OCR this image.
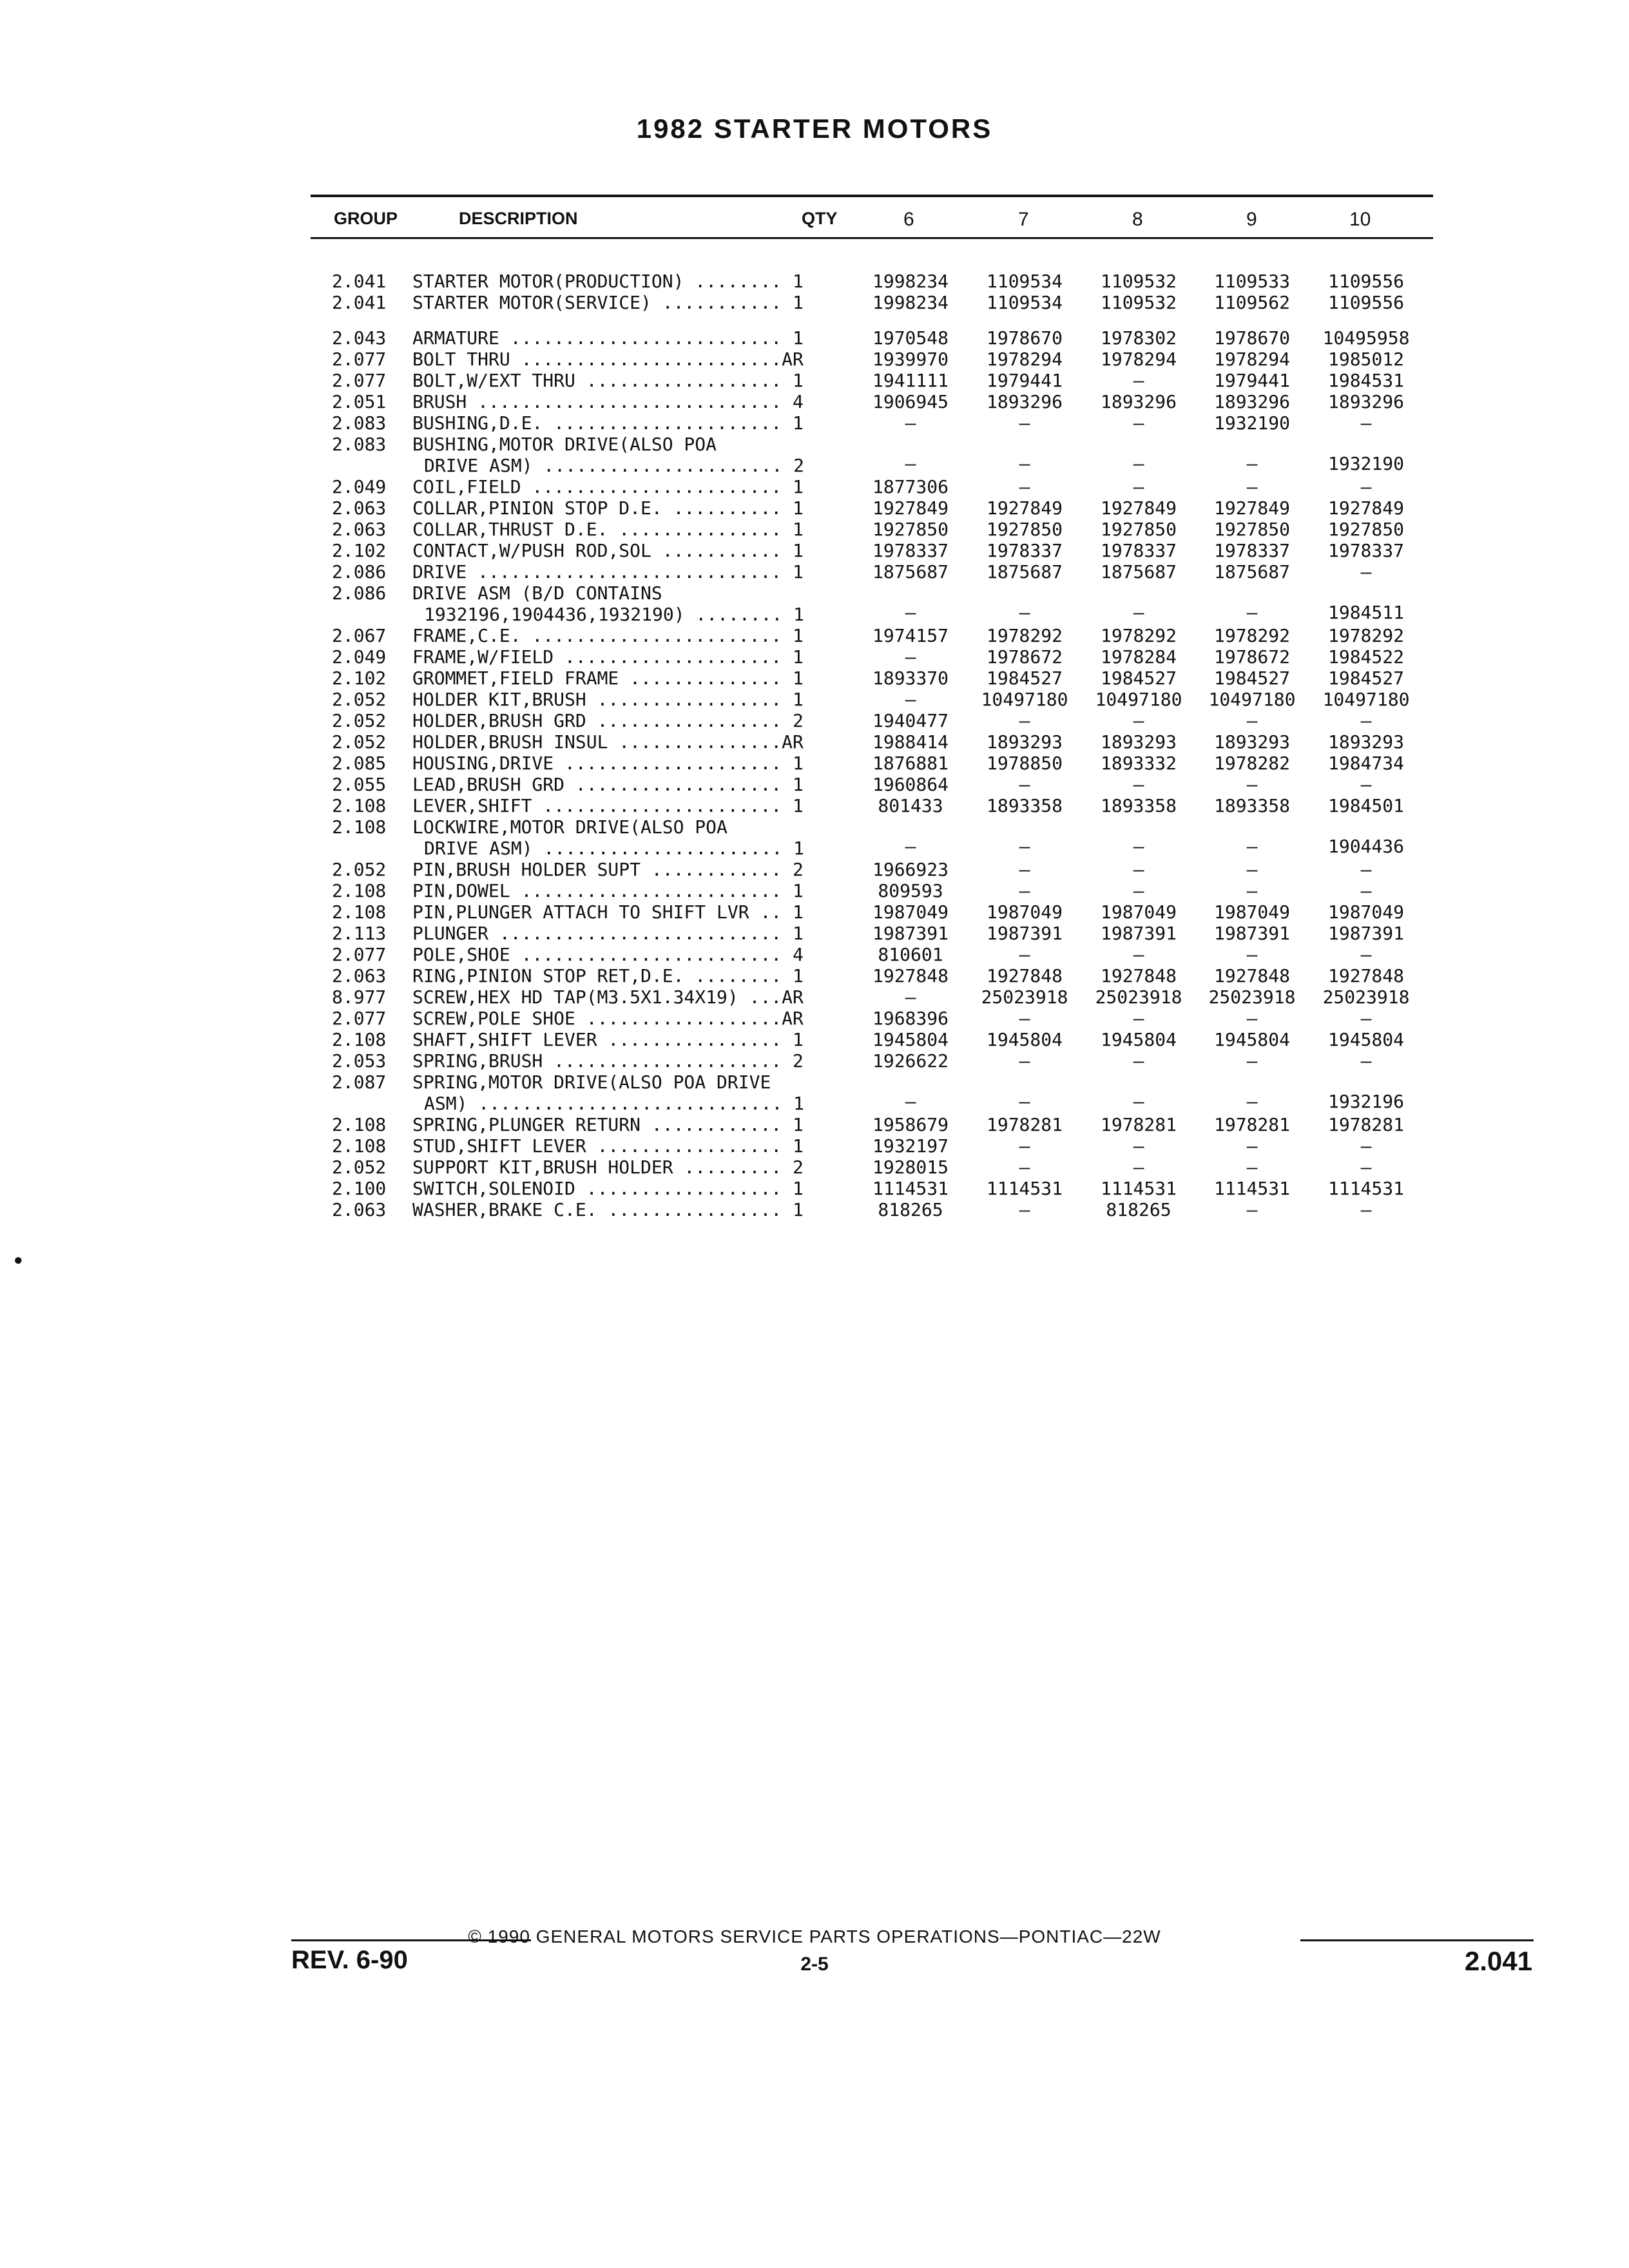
1982 STARTER MOTORS
GROUP	DESCRIPTION	QTY	6	7	8	9	10
2.041	STARTER MOTOR(PRODUCTION) ........ 1	1998234	1109534	1109532	1109533	1109556
2.041	STARTER MOTOR(SERVICE) ........... 1	1998234	1109534	1109532	1109562	1109556
2.043	ARMATURE ......................... 1	1970548	1978670	1978302	1978670	10495958
2.077	BOLT THRU ........................AR	1939970	1978294	1978294	1978294	1985012
2.077	BOLT,W/EXT THRU .................. 1	1941111	1979441	—	1979441	1984531
2.051	BRUSH ............................ 4	1906945	1893296	1893296	1893296	1893296
2.083	BUSHING,D.E. ..................... 1	—	—	—	1932190	—
2.083	BUSHING,MOTOR DRIVE(ALSO POA
DRIVE ASM) ...................... 2	—	—	—	—	1932190
2.049	COIL,FIELD ....................... 1	1877306	—	—	—	—
2.063	COLLAR,PINION STOP D.E. .......... 1	1927849	1927849	1927849	1927849	1927849
2.063	COLLAR,THRUST D.E. ............... 1	1927850	1927850	1927850	1927850	1927850
2.102	CONTACT,W/PUSH ROD,SOL ........... 1	1978337	1978337	1978337	1978337	1978337
2.086	DRIVE ............................ 1	1875687	1875687	1875687	1875687	—
2.086	DRIVE ASM (B/D CONTAINS
1932196,1904436,1932190) ........ 1	—	—	—	—	1984511
2.067	FRAME,C.E. ....................... 1	1974157	1978292	1978292	1978292	1978292
2.049	FRAME,W/FIELD .................... 1	—	1978672	1978284	1978672	1984522
2.102	GROMMET,FIELD FRAME .............. 1	1893370	1984527	1984527	1984527	1984527
2.052	HOLDER KIT,BRUSH ................. 1	—	10497180	10497180	10497180	10497180
2.052	HOLDER,BRUSH GRD ................. 2	1940477	—	—	—	—
2.052	HOLDER,BRUSH INSUL ...............AR	1988414	1893293	1893293	1893293	1893293
2.085	HOUSING,DRIVE .................... 1	1876881	1978850	1893332	1978282	1984734
2.055	LEAD,BRUSH GRD ................... 1	1960864	—	—	—	—
2.108	LEVER,SHIFT ...................... 1	801433	1893358	1893358	1893358	1984501
2.108	LOCKWIRE,MOTOR DRIVE(ALSO POA
DRIVE ASM) ...................... 1	—	—	—	—	1904436
2.052	PIN,BRUSH HOLDER SUPT ............ 2	1966923	—	—	—	—
2.108	PIN,DOWEL ........................ 1	809593	—	—	—	—
2.108	PIN,PLUNGER ATTACH TO SHIFT LVR .. 1	1987049	1987049	1987049	1987049	1987049
2.113	PLUNGER .......................... 1	1987391	1987391	1987391	1987391	1987391
2.077	POLE,SHOE ........................ 4	810601	—	—	—	—
2.063	RING,PINION STOP RET,D.E. ........ 1	1927848	1927848	1927848	1927848	1927848
8.977	SCREW,HEX HD TAP(M3.5X1.34X19) ...AR	—	25023918	25023918	25023918	25023918
2.077	SCREW,POLE SHOE ..................AR	1968396	—	—	—	—
2.108	SHAFT,SHIFT LEVER ................ 1	1945804	1945804	1945804	1945804	1945804
2.053	SPRING,BRUSH ..................... 2	1926622	—	—	—	—
2.087	SPRING,MOTOR DRIVE(ALSO POA DRIVE
ASM) ............................ 1	—	—	—	—	1932196
2.108	SPRING,PLUNGER RETURN ............ 1	1958679	1978281	1978281	1978281	1978281
2.108	STUD,SHIFT LEVER ................. 1	1932197	—	—	—	—
2.052	SUPPORT KIT,BRUSH HOLDER ......... 2	1928015	—	—	—	—
2.100	SWITCH,SOLENOID .................. 1	1114531	1114531	1114531	1114531	1114531
2.063	WASHER,BRAKE C.E. ................ 1	818265	—	818265	—	—
•
© 1990 GENERAL MOTORS SERVICE PARTS OPERATIONS—PONTIAC—22W
REV. 6-90	2-5	2.041
